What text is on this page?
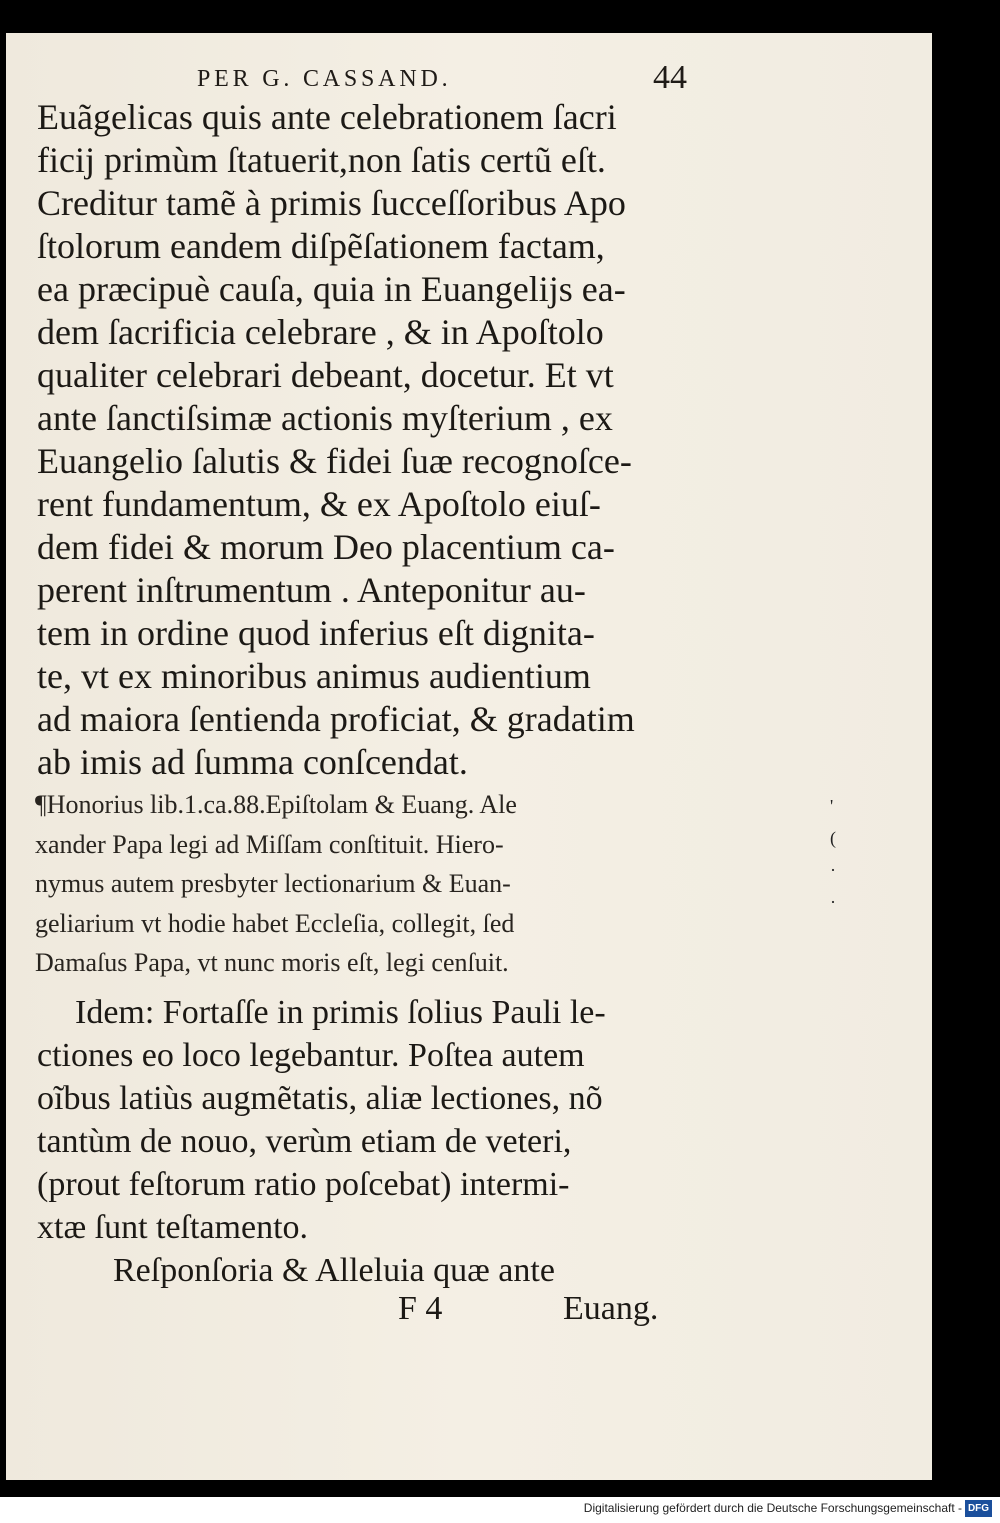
PER G. CASSAND.	44
Euãgelicas quis ante celebrationem ſacri
ficij primùm ſtatuerit,non ſatis certũ eſt.
Creditur tamẽ à primis ſucceſſoribus Apo
ſtolorum eandem diſpẽſationem factam,
ea præcipuè cauſa, quia in Euangelijs ea-
dem ſacrificia celebrare , & in Apoſtolo
qualiter celebrari debeant, docetur. Et vt
ante ſanctiſsimæ actionis myſterium , ex
Euangelio ſalutis & fidei ſuæ recognoſce-
rent fundamentum, & ex Apoſtolo eiuſ-
dem fidei & morum Deo placentium ca-
perent inſtrumentum . Anteponitur au-
tem in ordine quod inferius eſt dignita-
te, vt ex minoribus animus audientium
ad maiora ſentienda proficiat, & gradatim
ab imis ad ſumma conſcendat.
¶Honorius lib.1.ca.88.Epiſtolam & Euang. Ale
xander Papa legi ad Miſſam conſtituit. Hiero-
nymus autem presbyter lectionarium & Euan-
geliarium vt hodie habet Eccleſia, collegit, ſed
Damaſus Papa, vt nunc moris eſt, legi cenſuit.
'
(
·
·
Idem: Fortaſſe in primis ſolius Pauli le-
ctiones eo loco legebantur. Poſtea autem
oĩbus latiùs augmẽtatis, aliæ lectiones, nõ
tantùm de nouo, verùm etiam de veteri,
(prout feſtorum ratio poſcebat) intermi-
xtæ ſunt teſtamento.
Reſponſoria & Alleluia quæ ante
F 4	Euang.
Digitalisierung gefördert durch die Deutsche Forschungsgemeinschaft - DFG
